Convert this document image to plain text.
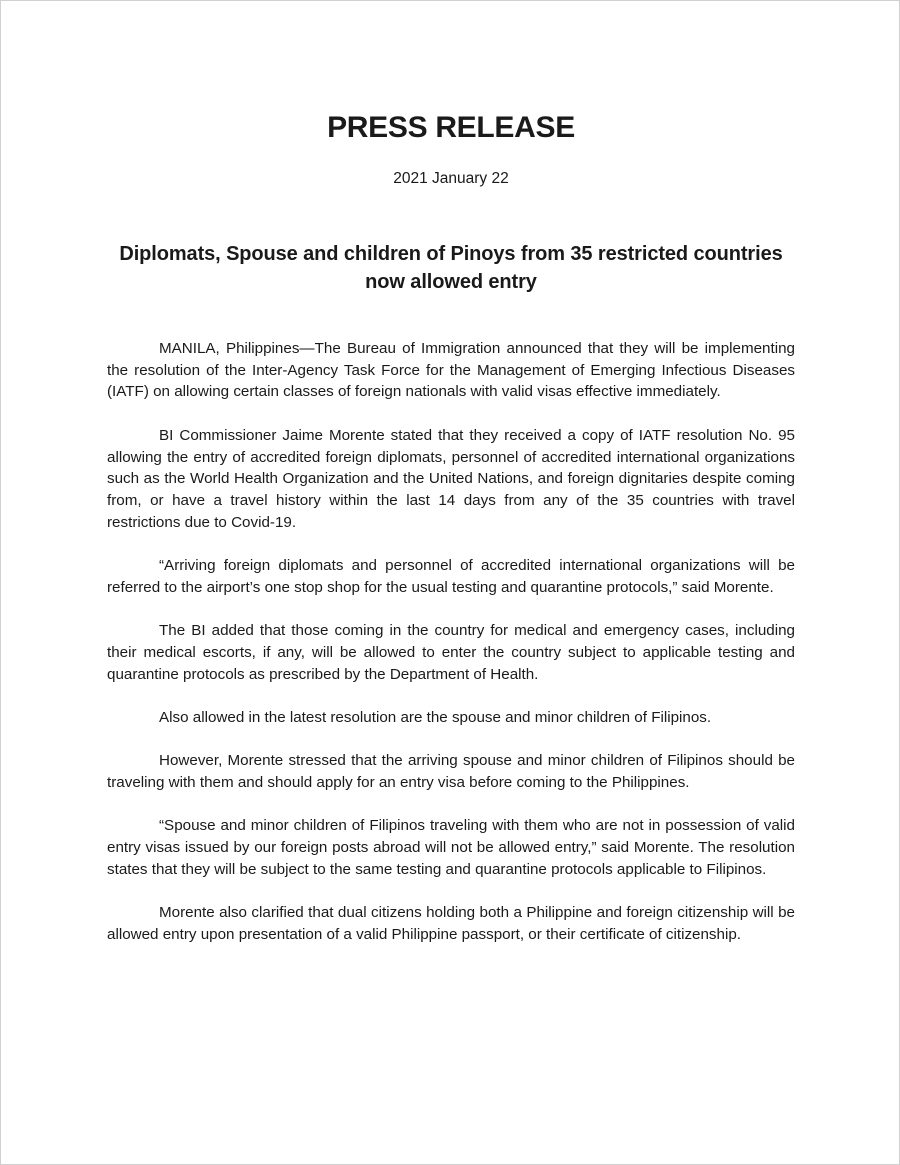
PRESS RELEASE
2021 January 22
Diplomats, Spouse and children of Pinoys from 35 restricted countries now allowed entry

MANILA, Philippines—The Bureau of Immigration announced that they will be implementing the resolution of the Inter-Agency Task Force for the Management of Emerging Infectious Diseases (IATF) on allowing certain classes of foreign nationals with valid visas effective immediately.

BI Commissioner Jaime Morente stated that they received a copy of IATF resolution No. 95 allowing the entry of accredited foreign diplomats, personnel of accredited international organizations such as the World Health Organization and the United Nations, and foreign dignitaries despite coming from, or have a travel history within the last 14 days from any of the 35 countries with travel restrictions due to Covid-19.

“Arriving foreign diplomats and personnel of accredited international organizations will be referred to the airport’s one stop shop for the usual testing and quarantine protocols,” said Morente.

The BI added that those coming in the country for medical and emergency cases, including their medical escorts, if any, will be allowed to enter the country subject to applicable testing and quarantine protocols as prescribed by the Department of Health.

Also allowed in the latest resolution are the spouse and minor children of Filipinos.

However, Morente stressed that the arriving spouse and minor children of Filipinos should be traveling with them and should apply for an entry visa before coming to the Philippines.

“Spouse and minor children of Filipinos traveling with them who are not in possession of valid entry visas issued by our foreign posts abroad will not be allowed entry,” said Morente. The resolution states that they will be subject to the same testing and quarantine protocols applicable to Filipinos.

Morente also clarified that dual citizens holding both a Philippine and foreign citizenship will be allowed entry upon presentation of a valid Philippine passport, or their certificate of citizenship.
